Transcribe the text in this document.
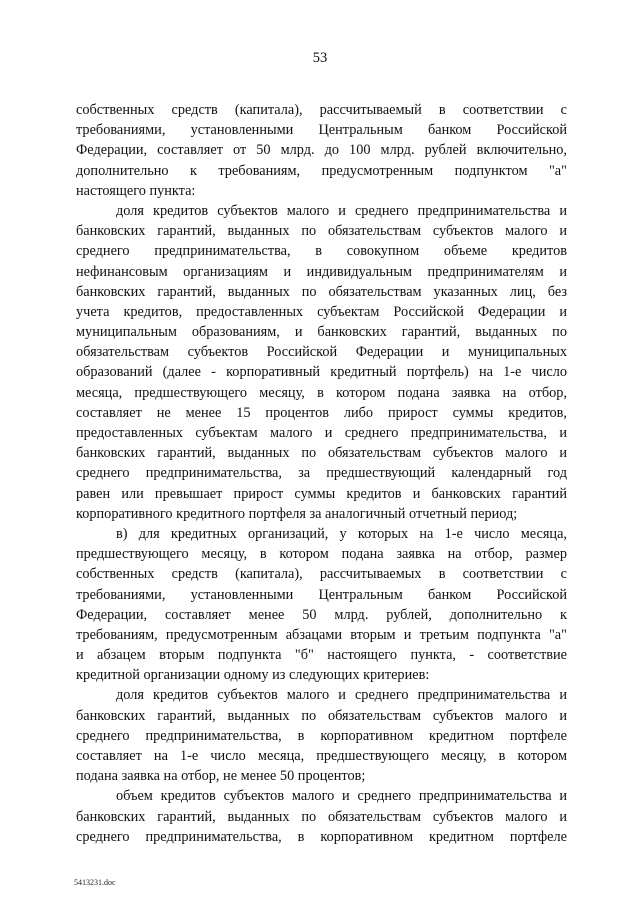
53
собственных средств (капитала), рассчитываемый в соответствии с
требованиями, установленными Центральным банком Российской
Федерации, составляет от 50 млрд. до 100 млрд. рублей включительно,
дополнительно к требованиям, предусмотренным подпунктом "а"
настоящего пункта:
доля кредитов субъектов малого и среднего предпринимательства и
банковских гарантий, выданных по обязательствам субъектов малого и
среднего предпринимательства, в совокупном объеме кредитов
нефинансовым организациям и индивидуальным предпринимателям и
банковских гарантий, выданных по обязательствам указанных лиц, без
учета кредитов, предоставленных субъектам Российской Федерации и
муниципальным образованиям, и банковских гарантий, выданных по
обязательствам субъектов Российской Федерации и муниципальных
образований (далее - корпоративный кредитный портфель) на 1-е число
месяца, предшествующего месяцу, в котором подана заявка на отбор,
составляет не менее 15 процентов либо прирост суммы кредитов,
предоставленных субъектам малого и среднего предпринимательства, и
банковских гарантий, выданных по обязательствам субъектов малого и
среднего предпринимательства, за предшествующий календарный год
равен или превышает прирост суммы кредитов и банковских гарантий
корпоративного кредитного портфеля за аналогичный отчетный период;
в) для кредитных организаций, у которых на 1-е число месяца,
предшествующего месяцу, в котором подана заявка на отбор, размер
собственных средств (капитала), рассчитываемых в соответствии с
требованиями, установленными Центральным банком Российской
Федерации, составляет менее 50 млрд. рублей, дополнительно к
требованиям, предусмотренным абзацами вторым и третьим подпункта "а"
и абзацем вторым подпункта "б" настоящего пункта, - соответствие
кредитной организации одному из следующих критериев:
доля кредитов субъектов малого и среднего предпринимательства и
банковских гарантий, выданных по обязательствам субъектов малого и
среднего предпринимательства, в корпоративном кредитном портфеле
составляет на 1-е число месяца, предшествующего месяцу, в котором
подана заявка на отбор, не менее 50 процентов;
объем кредитов субъектов малого и среднего предпринимательства и
банковских гарантий, выданных по обязательствам субъектов малого и
среднего предпринимательства, в корпоративном кредитном портфеле
5413231.doc
